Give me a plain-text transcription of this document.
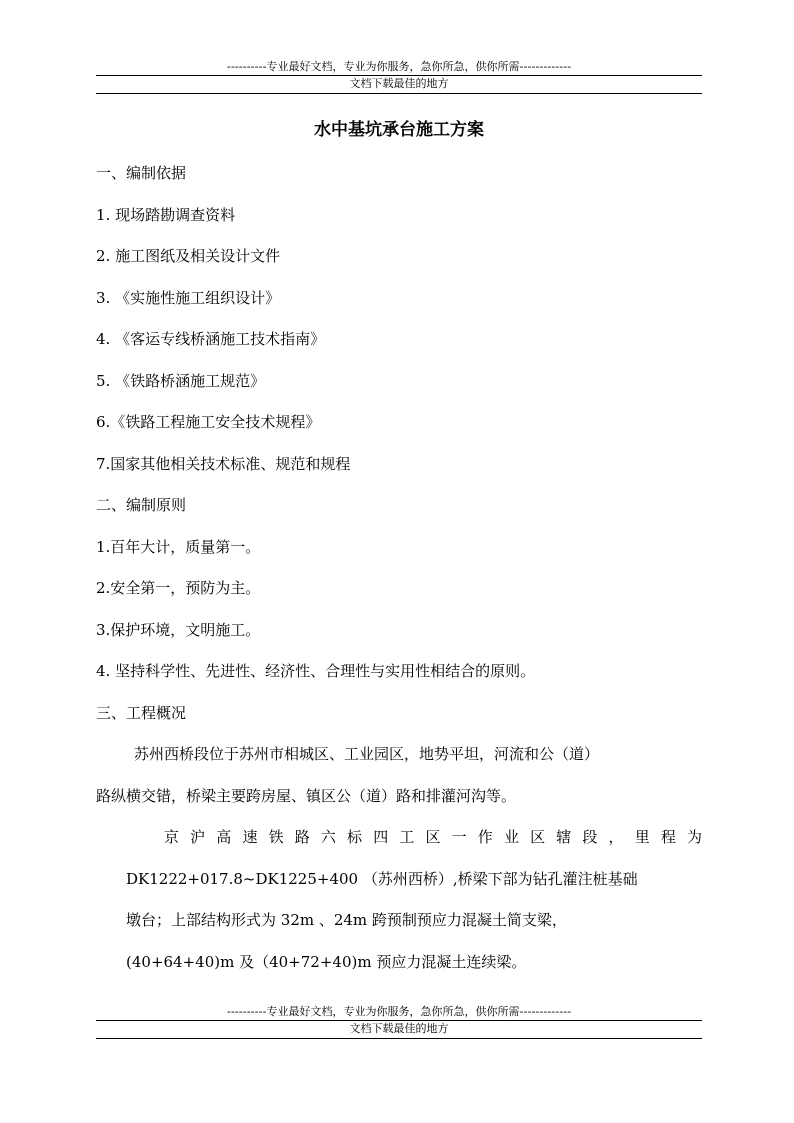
----------专业最好文档，专业为你服务，急你所急，供你所需-------------
文档下载最佳的地方
水中基坑承台施工方案
一、编制依据
1. 现场踏勘调查资料
2. 施工图纸及相关设计文件
3. 《实施性施工组织设计》
4. 《客运专线桥涵施工技术指南》
5. 《铁路桥涵施工规范》
6.《铁路工程施工安全技术规程》
7.国家其他相关技术标准、规范和规程
二、编制原则
1.百年大计，质量第一。
2.安全第一，预防为主。
3.保护环境，文明施工。
4. 坚持科学性、先进性、经济性、合理性与实用性相结合的原则。
三、工程概况
苏州西桥段位于苏州市相城区、工业园区，地势平坦，河流和公（道）
路纵横交错，桥梁主要跨房屋、镇区公（道）路和排灌河沟等。
京沪高速铁路六标四工区一作业区辖段，里程为
DK1222+017.8~DK1225+400 （苏州西桥）,桥梁下部为钻孔灌注桩基础
墩台；上部结构形式为 32m 、24m 跨预制预应力混凝土简支梁，
(40+64+40)m 及（40+72+40)m 预应力混凝土连续梁。
----------专业最好文档，专业为你服务，急你所急，供你所需-------------
文档下载最佳的地方
